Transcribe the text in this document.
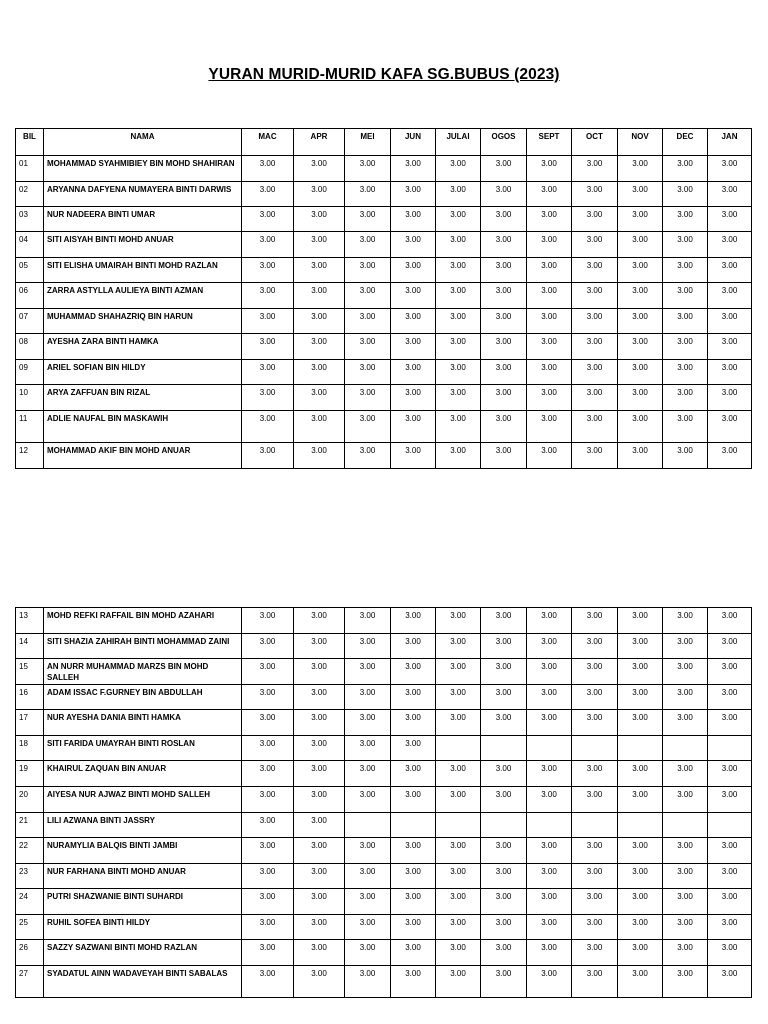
YURAN MURID-MURID KAFA SG.BUBUS (2023)
BIL	NAMA	MAC	APR	MEI	JUN	JULAI	OGOS	SEPT	OCT	NOV	DEC	JAN
01	MOHAMMAD SYAHMIBIEY BIN MOHD SHAHIRAN	3.00	3.00	3.00	3.00	3.00	3.00	3.00	3.00	3.00	3.00	3.00
02	ARYANNA DAFYENA NUMAYERA BINTI DARWIS	3.00	3.00	3.00	3.00	3.00	3.00	3.00	3.00	3.00	3.00	3.00
03	NUR NADEERA BINTI UMAR	3.00	3.00	3.00	3.00	3.00	3.00	3.00	3.00	3.00	3.00	3.00
04	SITI AISYAH BINTI MOHD ANUAR	3.00	3.00	3.00	3.00	3.00	3.00	3.00	3.00	3.00	3.00	3.00
05	SITI ELISHA UMAIRAH BINTI MOHD RAZLAN	3.00	3.00	3.00	3.00	3.00	3.00	3.00	3.00	3.00	3.00	3.00
06	ZARRA ASTYLLA AULIEYA BINTI AZMAN	3.00	3.00	3.00	3.00	3.00	3.00	3.00	3.00	3.00	3.00	3.00
07	MUHAMMAD SHAHAZRIQ BIN HARUN	3.00	3.00	3.00	3.00	3.00	3.00	3.00	3.00	3.00	3.00	3.00
08	AYESHA ZARA BINTI HAMKA	3.00	3.00	3.00	3.00	3.00	3.00	3.00	3.00	3.00	3.00	3.00
09	ARIEL SOFIAN BIN HILDY	3.00	3.00	3.00	3.00	3.00	3.00	3.00	3.00	3.00	3.00	3.00
10	ARYA ZAFFUAN BIN RIZAL	3.00	3.00	3.00	3.00	3.00	3.00	3.00	3.00	3.00	3.00	3.00
11	ADLIE NAUFAL BIN MASKAWIH	3.00	3.00	3.00	3.00	3.00	3.00	3.00	3.00	3.00	3.00	3.00
12	MOHAMMAD AKIF BIN MOHD ANUAR	3.00	3.00	3.00	3.00	3.00	3.00	3.00	3.00	3.00	3.00	3.00
13	MOHD REFKI RAFFAIL BIN MOHD AZAHARI	3.00	3.00	3.00	3.00	3.00	3.00	3.00	3.00	3.00	3.00	3.00
14	SITI SHAZIA ZAHIRAH BINTI MOHAMMAD ZAINI	3.00	3.00	3.00	3.00	3.00	3.00	3.00	3.00	3.00	3.00	3.00
15	AN NURR MUHAMMAD MARZS BIN MOHD SALLEH	3.00	3.00	3.00	3.00	3.00	3.00	3.00	3.00	3.00	3.00	3.00
16	ADAM ISSAC F.GURNEY BIN ABDULLAH	3.00	3.00	3.00	3.00	3.00	3.00	3.00	3.00	3.00	3.00	3.00
17	NUR AYESHA DANIA BINTI HAMKA	3.00	3.00	3.00	3.00	3.00	3.00	3.00	3.00	3.00	3.00	3.00
18	SITI FARIDA UMAYRAH BINTI ROSLAN	3.00	3.00	3.00	3.00							
19	KHAIRUL ZAQUAN BIN ANUAR	3.00	3.00	3.00	3.00	3.00	3.00	3.00	3.00	3.00	3.00	3.00
20	AIYESA NUR AJWAZ BINTI MOHD SALLEH	3.00	3.00	3.00	3.00	3.00	3.00	3.00	3.00	3.00	3.00	3.00
21	LILI AZWANA BINTI JASSRY	3.00	3.00									
22	NURAMYLIA BALQIS BINTI JAMBI	3.00	3.00	3.00	3.00	3.00	3.00	3.00	3.00	3.00	3.00	3.00
23	NUR FARHANA BINTI MOHD ANUAR	3.00	3.00	3.00	3.00	3.00	3.00	3.00	3.00	3.00	3.00	3.00
24	PUTRI SHAZWANIE BINTI SUHARDI	3.00	3.00	3.00	3.00	3.00	3.00	3.00	3.00	3.00	3.00	3.00
25	RUHIL SOFEA BINTI HILDY	3.00	3.00	3.00	3.00	3.00	3.00	3.00	3.00	3.00	3.00	3.00
26	SAZZY SAZWANI BINTI MOHD RAZLAN	3.00	3.00	3.00	3.00	3.00	3.00	3.00	3.00	3.00	3.00	3.00
27	SYADATUL AINN WADAVEYAH BINTI SABALAS	3.00	3.00	3.00	3.00	3.00	3.00	3.00	3.00	3.00	3.00	3.00
